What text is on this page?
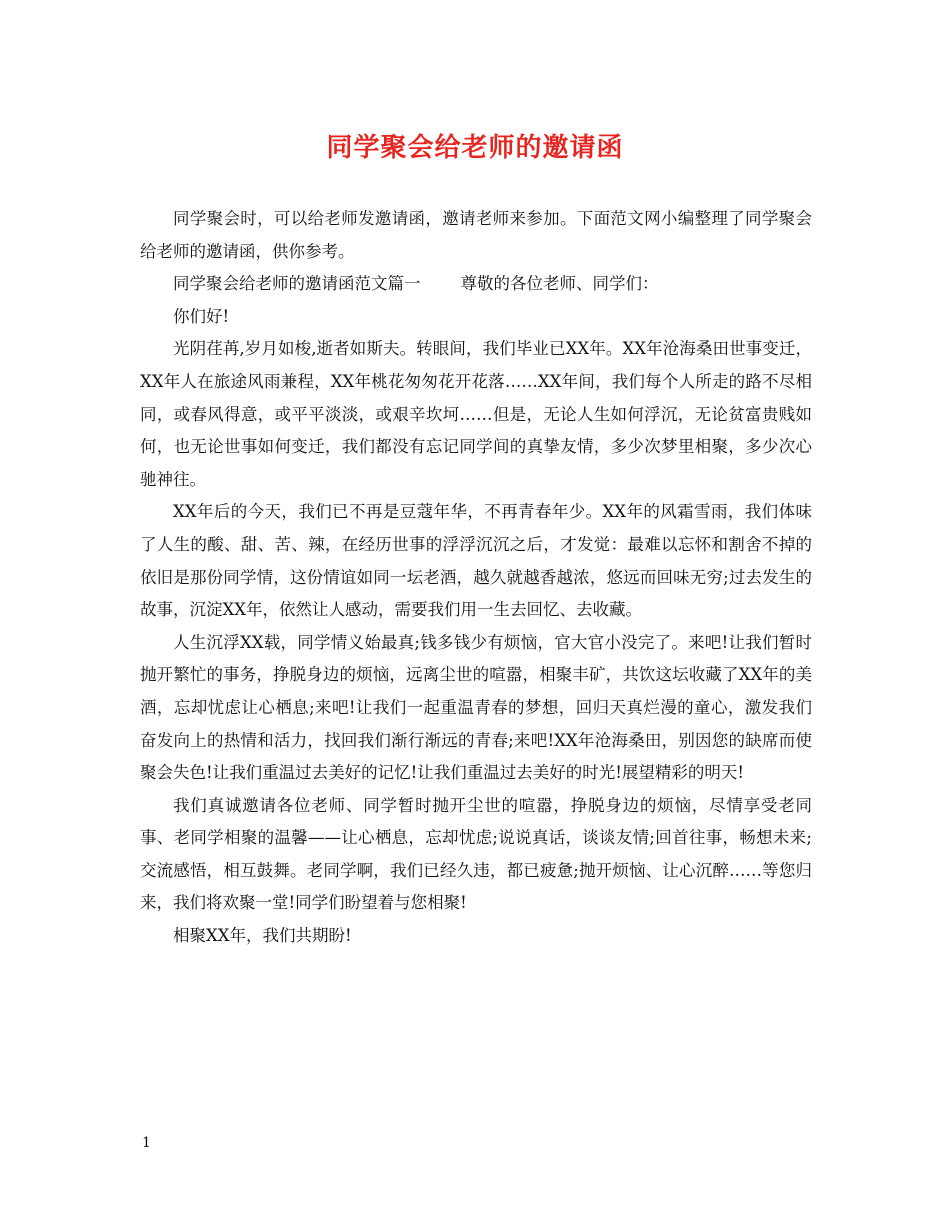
同学聚会给老师的邀请函

同学聚会时，可以给老师发邀请函，邀请老师来参加。下面范文网小编整理了同学聚会给老师的邀请函，供你参考。

同学聚会给老师的邀请函范文篇一 尊敬的各位老师、同学们：

你们好!

光阴荏苒,岁月如梭,逝者如斯夫。转眼间，我们毕业已XX年。XX年沧海桑田世事变迁，XX年人在旅途风雨兼程，XX年桃花匆匆花开花落……XX年间，我们每个人所走的路不尽相同，或春风得意，或平平淡淡，或艰辛坎坷……但是，无论人生如何浮沉，无论贫富贵贱如何，也无论世事如何变迁，我们都没有忘记同学间的真挚友情，多少次梦里相聚，多少次心驰神往。

XX年后的今天，我们已不再是豆蔻年华，不再青春年少。XX年的风霜雪雨，我们体味了人生的酸、甜、苦、辣，在经历世事的浮浮沉沉之后，才发觉：最难以忘怀和割舍不掉的依旧是那份同学情，这份情谊如同一坛老酒，越久就越香越浓，悠远而回味无穷;过去发生的故事，沉淀XX年，依然让人感动，需要我们用一生去回忆、去收藏。

人生沉浮XX载，同学情义始最真;钱多钱少有烦恼，官大官小没完了。来吧!让我们暂时抛开繁忙的事务，挣脱身边的烦恼，远离尘世的喧嚣，相聚丰矿，共饮这坛收藏了XX年的美酒，忘却忧虑让心栖息;来吧!让我们一起重温青春的梦想，回归天真烂漫的童心，激发我们奋发向上的热情和活力，找回我们渐行渐远的青春;来吧!XX年沧海桑田，别因您的缺席而使聚会失色!让我们重温过去美好的记忆!让我们重温过去美好的时光!展望精彩的明天!

我们真诚邀请各位老师、同学暂时抛开尘世的喧嚣，挣脱身边的烦恼，尽情享受老同事、老同学相聚的温馨——让心栖息，忘却忧虑;说说真话，谈谈友情;回首往事，畅想未来;交流感悟，相互鼓舞。老同学啊，我们已经久违，都已疲惫;抛开烦恼、让心沉醉……等您归来，我们将欢聚一堂!同学们盼望着与您相聚!

相聚XX年，我们共期盼!

1
